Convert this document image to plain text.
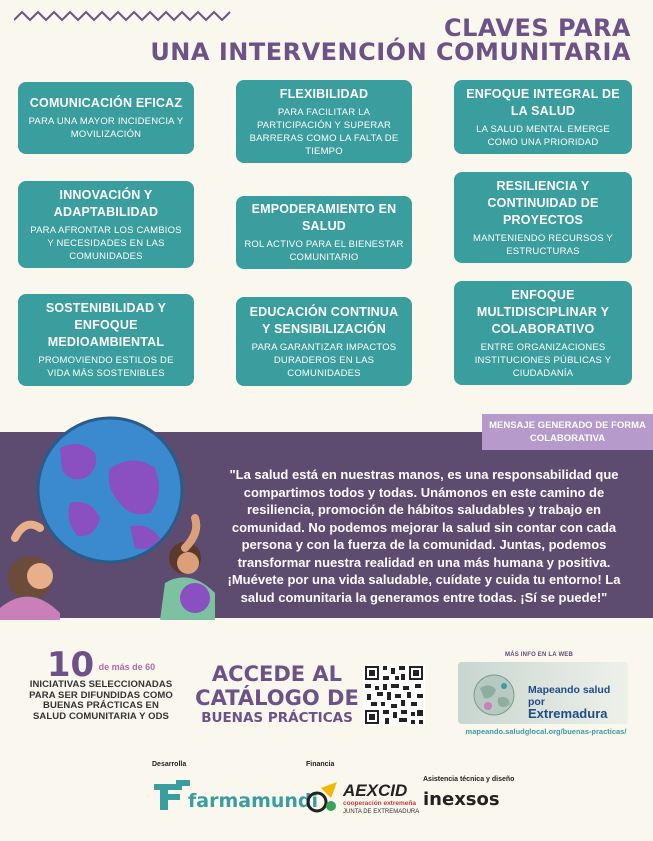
CLAVES PARA
UNA INTERVENCIÓN COMUNITARIA
COMUNICACIÓN EFICAZ

PARA UNA MAYOR INCIDENCIA Y MOVILIZACIÓN

FLEXIBILIDAD

PARA FACILITAR LA PARTICIPACIÓN Y SUPERAR BARRERAS COMO LA FALTA DE TIEMPO

ENFOQUE INTEGRAL DE LA SALUD

LA SALUD MENTAL EMERGE COMO UNA PRIORIDAD

INNOVACIÓN Y ADAPTABILIDAD

PARA AFRONTAR LOS CAMBIOS Y NECESIDADES EN LAS COMUNIDADES

EMPODERAMIENTO EN SALUD

ROL ACTIVO PARA EL BIENESTAR COMUNITARIO

RESILIENCIA Y CONTINUIDAD DE PROYECTOS

MANTENIENDO RECURSOS Y ESTRUCTURAS

SOSTENIBILIDAD Y ENFOQUE MEDIOAMBIENTAL

PROMOVIENDO ESTILOS DE VIDA MÁS SOSTENIBLES

EDUCACIÓN CONTINUA Y SENSIBILIZACIÓN

PARA GARANTIZAR IMPACTOS DURADEROS EN LAS COMUNIDADES

ENFOQUE MULTIDISCIPLINAR Y COLABORATIVO

ENTRE ORGANIZACIONES INSTITUCIONES PÚBLICAS Y CIUDADANÍA

MENSAJE GENERADO DE FORMA COLABORATIVA
"La salud está en nuestras manos, es una responsabilidad que compartimos todos y todas. Unámonos en este camino de resiliencia, promoción de hábitos saludables y trabajo en comunidad. No podemos mejorar la salud sin contar con cada persona y con la fuerza de la comunidad. Juntas, podemos transformar nuestra realidad en una más humana y positiva. ¡Muévete por una vida saludable, cuídate y cuida tu entorno! La salud comunitaria la generamos entre todas. ¡Sí se puede!"
10 $^{de más de 60}$
INICIATIVAS SELECCIONADAS PARA SER DIFUNDIDAS COMO BUENAS PRÁCTICAS EN SALUD COMUNITARIA Y ODS
ACCEDE AL
CATÁLOGO DE
BUENAS PRÁCTICAS
MÁS INFO EN LA WEB
Mapeando salud por
Extremadura
mapeando.saludglocal.org/buenas-practicas/
Desarrolla
farmamundi
Financia
AEXCID
cooperación extremeña
JUNTA DE EXTREMADURA
Asistencia técnica y diseño
inexsos
